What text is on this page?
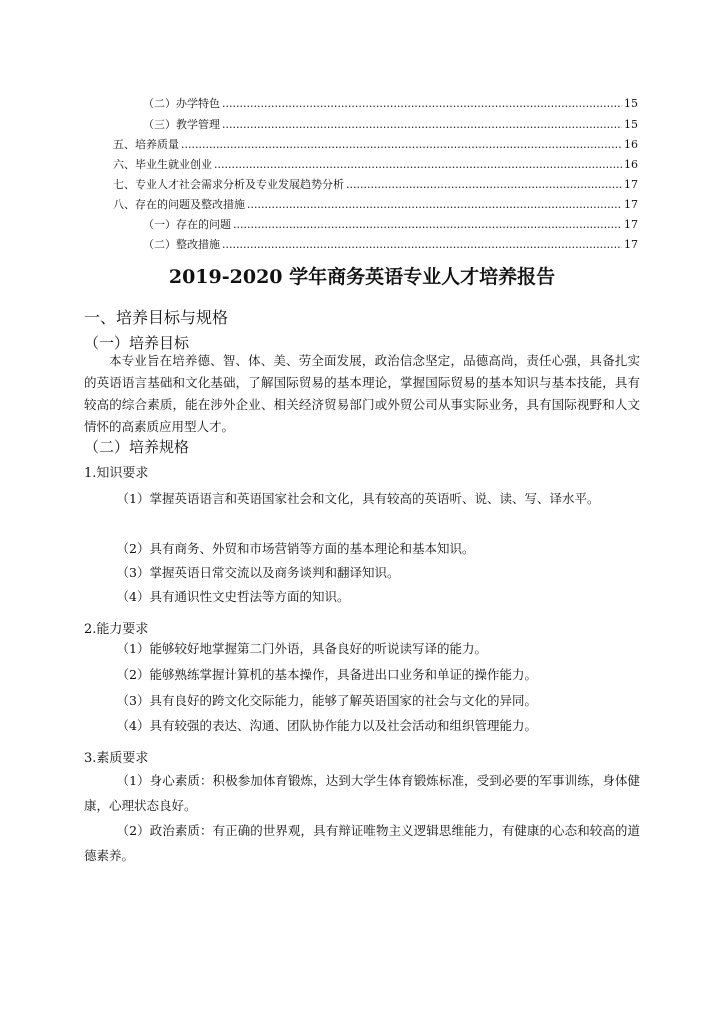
（二）办学特色 .....	15
（三）教学管理 .....	15
五、培养质量 .....	16
六、毕业生就业创业 .....	16
七、专业人才社会需求分析及专业发展趋势分析 .....	17
八、存在的问题及整改措施 .....	17
（一）存在的问题 .....	17
（二）整改措施 .....	17
2019-2020 学年商务英语专业人才培养报告
一、培养目标与规格
（一）培养目标
本专业旨在培养德、智、体、美、劳全面发展，政治信念坚定，品德高尚，责任心强，具备扎实的英语语言基础和文化基础，了解国际贸易的基本理论，掌握国际贸易的基本知识与基本技能，具有较高的综合素质，能在涉外企业、相关经济贸易部门或外贸公司从事实际业务，具有国际视野和人文情怀的高素质应用型人才。
（二）培养规格
1.知识要求
（1）掌握英语语言和英语国家社会和文化，具有较高的英语听、说、读、写、译水平。
（2）具有商务、外贸和市场营销等方面的基本理论和基本知识。
（3）掌握英语日常交流以及商务谈判和翻译知识。
（4）具有通识性文史哲法等方面的知识。
2.能力要求
（1）能够较好地掌握第二门外语，具备良好的听说读写译的能力。
（2）能够熟练掌握计算机的基本操作，具备进出口业务和单证的操作能力。
（3）具有良好的跨文化交际能力，能够了解英语国家的社会与文化的异同。
（4）具有较强的表达、沟通、团队协作能力以及社会活动和组织管理能力。
3.素质要求
（1）身心素质：积极参加体育锻炼，达到大学生体育锻炼标准，受到必要的军事训练，身体健康，心理状态良好。
（2）政治素质：有正确的世界观，具有辩证唯物主义逻辑思维能力，有健康的心态和较高的道德素养。
